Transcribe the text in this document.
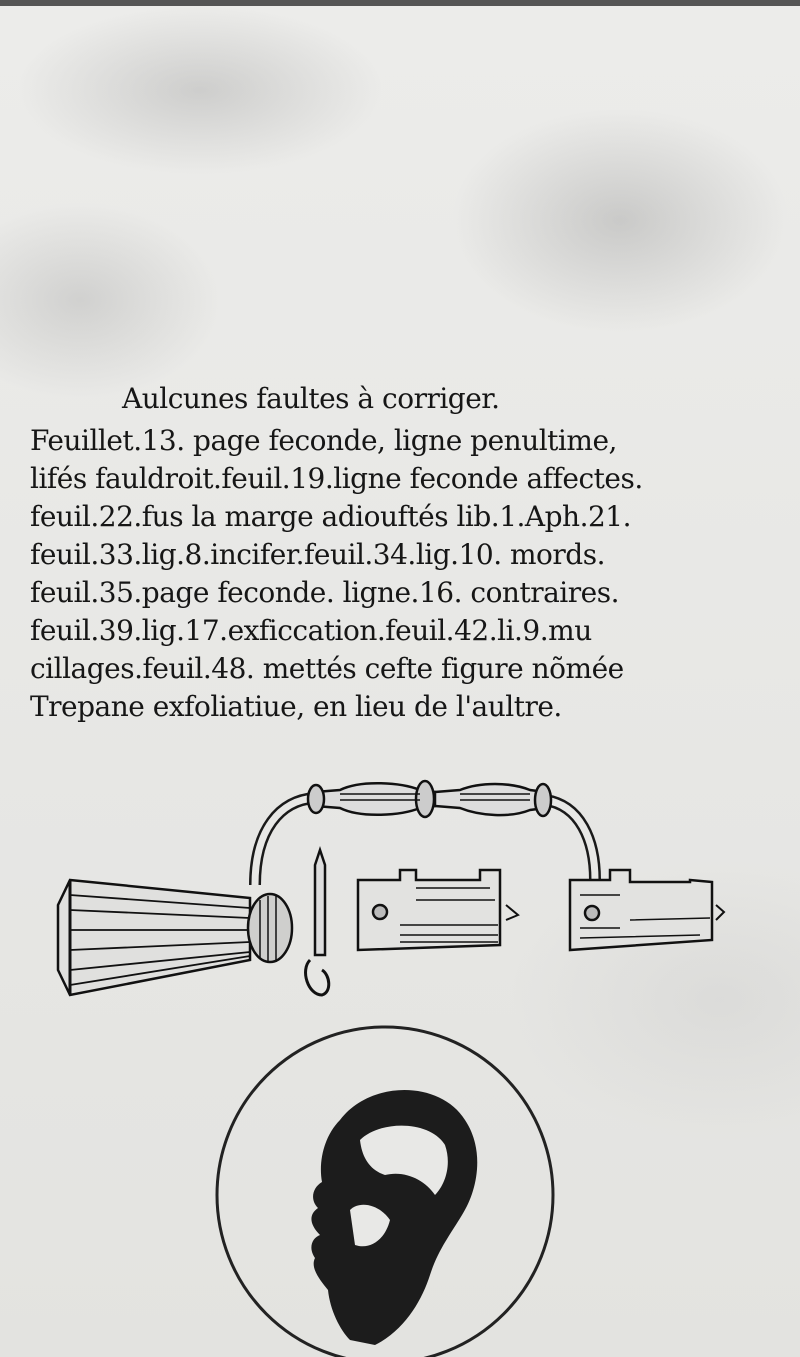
Aulcunes faultes à corriger.
Feuillet.13. page feconde, ligne penultime,
lifés fauldroit.feuil.19.ligne feconde affectes.
feuil.22.fus la marge adiouftés lib.1.Aph.21.
feuil.33.lig.8.incifer.feuil.34.lig.10. mords.
feuil.35.page feconde. ligne.16. contraires.
feuil.39.lig.17.exficcation.feuil.42.li.9.mu
cillages.feuil.48. mettés cefte figure nõmée
Trepane exfoliatiue, en lieu de l'aultre.
